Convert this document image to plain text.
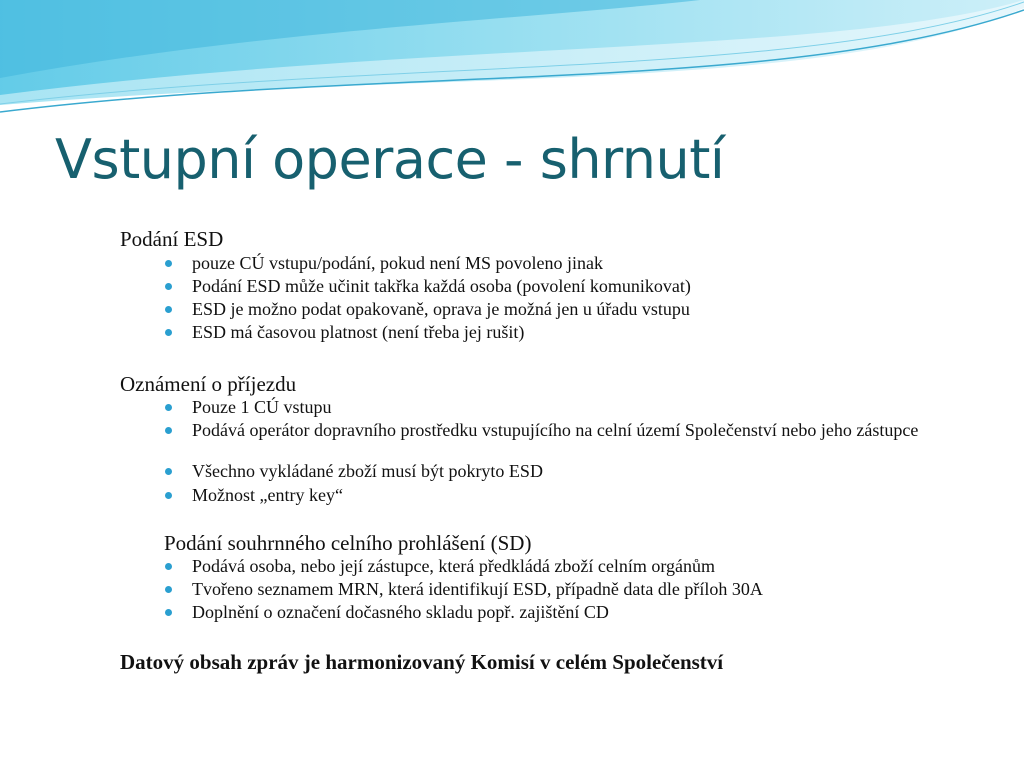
Vstupní operace - shrnutí
Podání ESD
pouze CÚ vstupu/podání, pokud není MS povoleno jinak
Podání ESD může učinit takřka každá osoba (povolení komunikovat)
ESD je možno podat opakovaně, oprava je možná jen u úřadu vstupu
ESD má časovou platnost (není třeba jej rušit)
Oznámení o příjezdu
Pouze 1 CÚ vstupu
Podává operátor dopravního prostředku vstupujícího na celní území Společenství nebo jeho zástupce
Všechno vykládané zboží musí být pokryto ESD
Možnost „entry key“
Podání souhrnného celního prohlášení (SD)
Podává osoba, nebo její zástupce, která předkládá zboží celním orgánům
Tvořeno seznamem MRN, která identifikují ESD, případně data dle příloh 30A
Doplnění o označení dočasného skladu popř. zajištění CD
Datový obsah zpráv je harmonizovaný Komisí v celém Společenství
